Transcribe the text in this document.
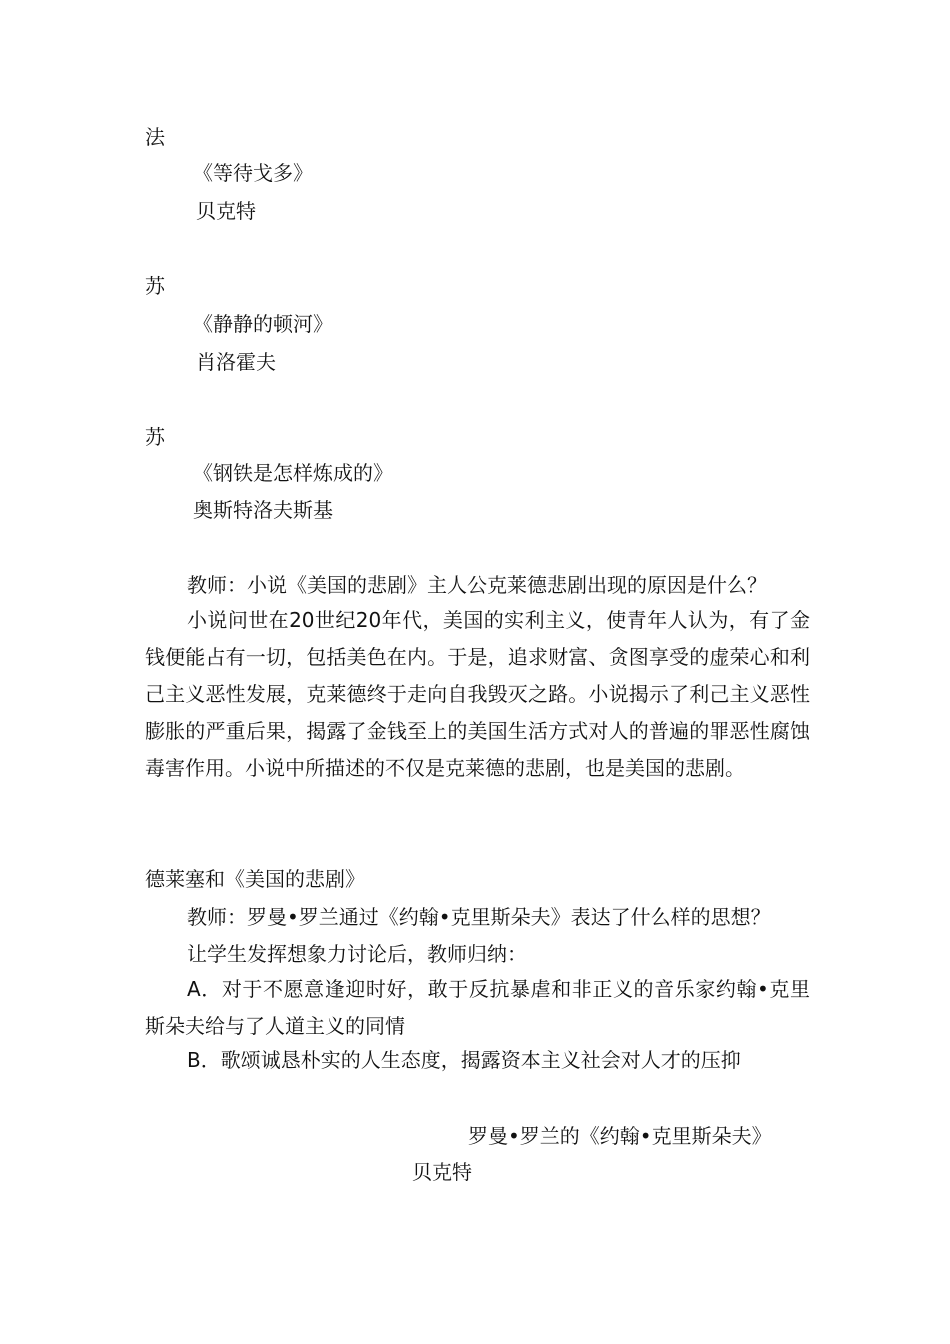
法
《等待戈多》
贝克特
苏
《静静的顿河》
肖洛霍夫
苏
《钢铁是怎样炼成的》
奥斯特洛夫斯基
教师：小说《美国的悲剧》主人公克莱德悲剧出现的原因是什么？

小说问世在20世纪20年代，美国的实利主义，使青年人认为，有了金钱便能占有一切，包括美色在内。于是，追求财富、贪图享受的虚荣心和利己主义恶性发展，克莱德终于走向自我毁灭之路。小说揭示了利己主义恶性膨胀的严重后果，揭露了金钱至上的美国生活方式对人的普遍的罪恶性腐蚀毒害作用。小说中所描述的不仅是克莱德的悲剧，也是美国的悲剧。

德莱塞和《美国的悲剧》
教师：罗曼•罗兰通过《约翰•克里斯朵夫》表达了什么样的思想？
让学生发挥想象力讨论后，教师归纳：

A．对于不愿意逢迎时好，敢于反抗暴虐和非正义的音乐家约翰•克里斯朵夫给与了人道主义的同情

B．歌颂诚恳朴实的人生态度，揭露资本主义社会对人才的压抑
罗曼•罗兰的《约翰•克里斯朵夫》
贝克特
